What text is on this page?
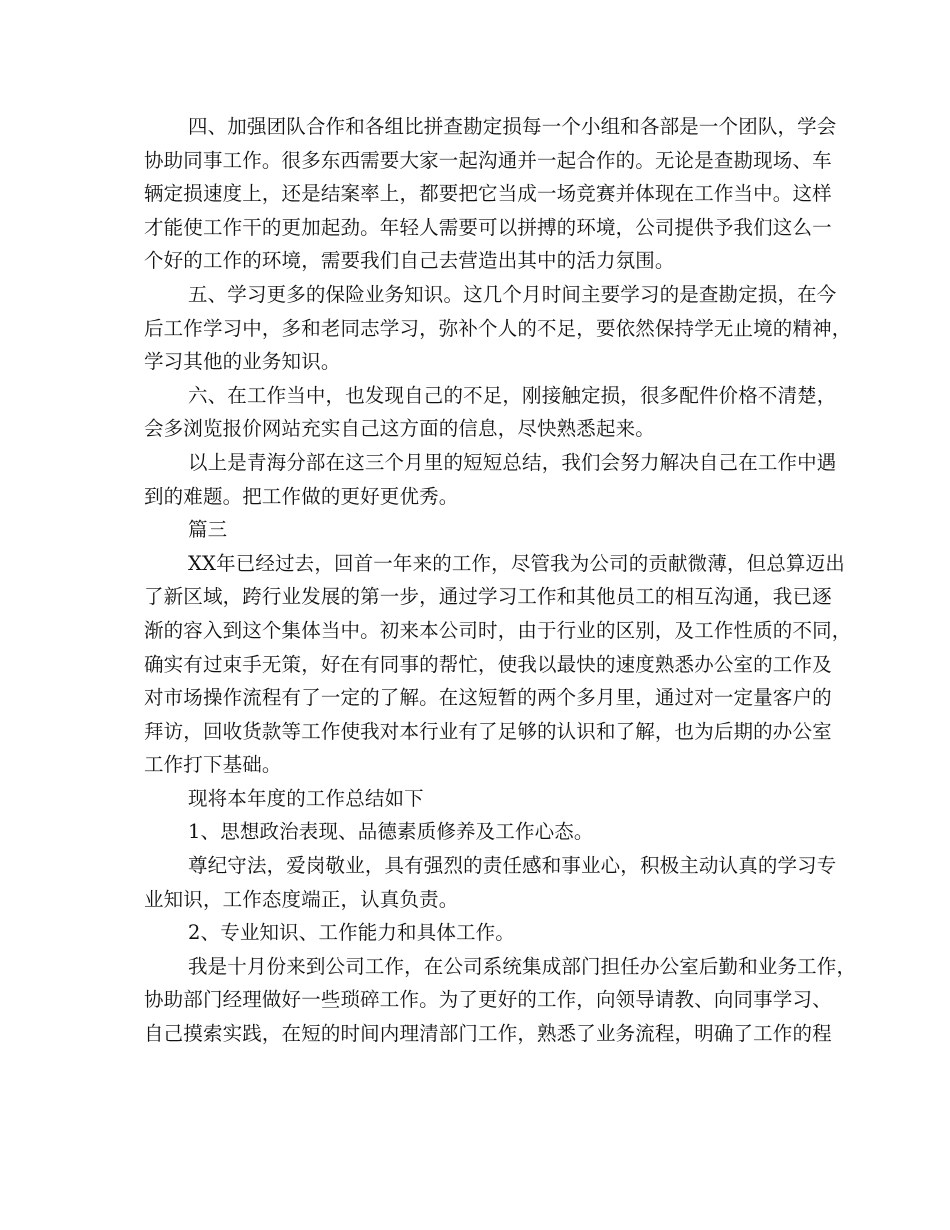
四、加强团队合作和各组比拼查勘定损每一个小组和各部是一个团队，学会
协助同事工作。很多东西需要大家一起沟通并一起合作的。无论是查勘现场、车
辆定损速度上，还是结案率上，都要把它当成一场竞赛并体现在工作当中。这样
才能使工作干的更加起劲。年轻人需要可以拼搏的环境，公司提供予我们这么一
个好的工作的环境，需要我们自己去营造出其中的活力氛围。
五、学习更多的保险业务知识。这几个月时间主要学习的是查勘定损，在今
后工作学习中，多和老同志学习，弥补个人的不足，要依然保持学无止境的精神，
学习其他的业务知识。
六、在工作当中，也发现自己的不足，刚接触定损，很多配件价格不清楚，
会多浏览报价网站充实自己这方面的信息，尽快熟悉起来。
以上是青海分部在这三个月里的短短总结，我们会努力解决自己在工作中遇
到的难题。把工作做的更好更优秀。
篇三
XX年已经过去，回首一年来的工作，尽管我为公司的贡献微薄，但总算迈出
了新区域，跨行业发展的第一步，通过学习工作和其他员工的相互沟通，我已逐
渐的容入到这个集体当中。初来本公司时，由于行业的区别，及工作性质的不同，
确实有过束手无策，好在有同事的帮忙，使我以最快的速度熟悉办公室的工作及
对市场操作流程有了一定的了解。在这短暂的两个多月里，通过对一定量客户的
拜访，回收货款等工作使我对本行业有了足够的认识和了解，也为后期的办公室
工作打下基础。
现将本年度的工作总结如下
1、思想政治表现、品德素质修养及工作心态。
尊纪守法，爱岗敬业，具有强烈的责任感和事业心，积极主动认真的学习专
业知识，工作态度端正，认真负责。
2、专业知识、工作能力和具体工作。
我是十月份来到公司工作，在公司系统集成部门担任办公室后勤和业务工作，
协助部门经理做好一些琐碎工作。为了更好的工作，向领导请教、向同事学习、
自己摸索实践，在短的时间内理清部门工作，熟悉了业务流程，明确了工作的程
